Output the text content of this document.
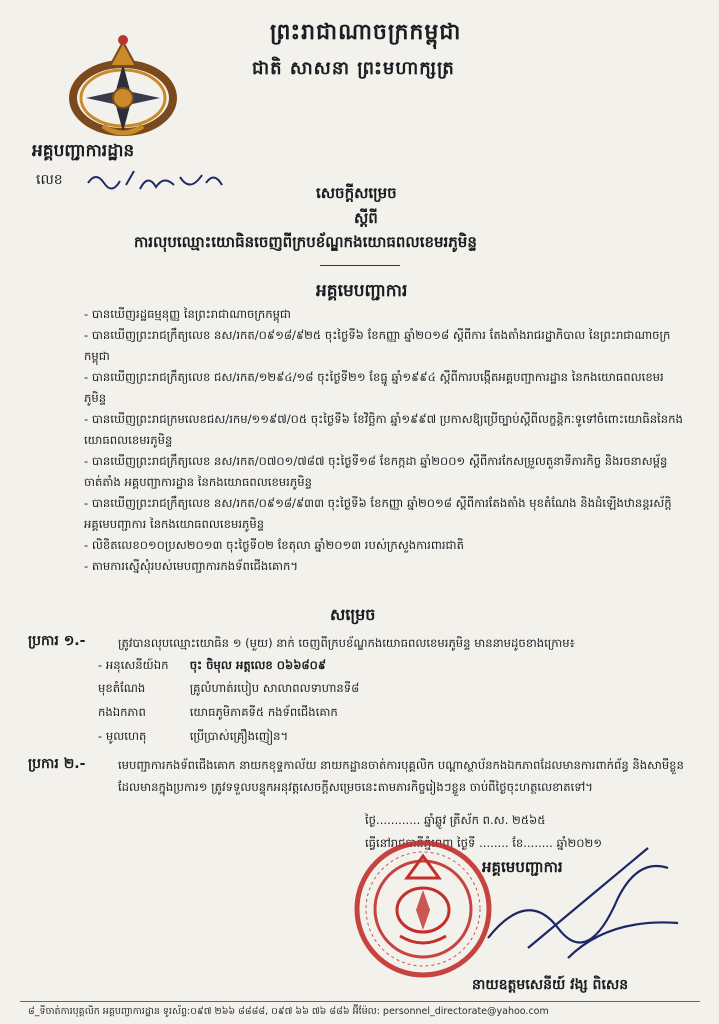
ព្រះរាជាណាចក្រកម្ពុជា
ជាតិ សាសនា ព្រះមហាក្សត្រ
អគ្គបញ្ជាការដ្ឋាន
លេខ
សេចក្តីសម្រេច
ស្តីពី
ការលុបឈ្មោះយោធិនចេញពីក្របខ័ណ្ឌកងយោធពលខេមរភូមិន្ទ
អគ្គមេបញ្ជាការ

- បានឃើញរដ្ឋធម្មនុញ្ញ នៃព្រះរាជាណាចក្រកម្ពុជា

- បានឃើញព្រះរាជក្រឹត្យលេខ នស/រកត/០៩១៨/៩២៥ ចុះថ្ងៃទី៦ ខែកញ្ញា ឆ្នាំ២០១៨ ស្តីពីការ តែងតាំងរាជរដ្ឋាភិបាល នៃព្រះរាជាណាចក្រកម្ពុជា

- បានឃើញព្រះរាជក្រឹត្យលេខ ជស/រកត/១២៩៤/១៨ ចុះថ្ងៃទី២១ ខែធ្នូ ឆ្នាំ១៩៩៤ ស្តីពីការបង្កើតអគ្គបញ្ជាការដ្ឋាន នៃកងយោធពលខេមរភូមិន្ទ

- បានឃើញព្រះរាជក្រមលេខជស/រកម/១១៩៧/០៥ ចុះថ្ងៃទី៦ ខែវិច្ឆិកា ឆ្នាំ១៩៩៧ ប្រកាសឱ្យប្រើច្បាប់ស្តីពីលក្ខន្តិកៈទូទៅចំពោះយោធិននៃកងយោធពលខេមរភូមិន្ទ

- បានឃើញព្រះរាជក្រឹត្យលេខ នស/រកត/០៧០១/៧៨៧ ចុះថ្ងៃទី១៨ ខែកក្កដា ឆ្នាំ២០០១ ស្តីពីការកែសម្រួលតួនាទីភារកិច្ច និងរចនាសម្ព័ន្ធចាត់តាំង អគ្គបញ្ជាការដ្ឋាន នៃកងយោធពលខេមរភូមិន្ទ

- បានឃើញព្រះរាជក្រឹត្យលេខ នស/រកត/០៩១៨/៩៣៣ ចុះថ្ងៃទី៦ ខែកញ្ញា ឆ្នាំ២០១៨ ស្តីពីការតែងតាំង មុខតំណែង និងដំឡើងឋានន្តរស័ក្តិ អគ្គមេបញ្ជាការ នៃកងយោធពលខេមរភូមិន្ទ

- លិខិតលេខ០១០ប្រស២០១៣ ចុះថ្ងៃទី០២ ខែតុលា ឆ្នាំ២០១៣ របស់ក្រសួងការពារជាតិ

- តាមការស្នើសុំរបស់មេបញ្ជាការកងទ័ពជើងគោក។

សម្រេច
ប្រការ ១.-	ត្រូវបានលុបឈ្មោះយោធិន ១ (មួយ) នាក់ ចេញពីក្របខ័ណ្ឌកងយោធពលខេមរភូមិន្ទ មាននាមដូចខាងក្រោម៖
- អនុសេនីយ៍ឯក ចុះ ចិមុល អត្តលេខ ០៦៦៨០៩
មុខតំណែង	គ្រូលំហាត់របៀប សាលាពលទាហានទី៨
កងឯកភាព	យោធភូមិភាគទី៥ កងទ័ពជើងគោក
- មូលហេតុ	ប្រើប្រាស់គ្រឿងញៀន។
ប្រការ ២.-	មេបញ្ជាការកងទ័ពជើងគោក នាយកខុទ្ទកាល័យ នាយកដ្ឋានចាត់ការបុគ្គលិក បណ្តាស្ថាប័នកងឯកភាពដែលមានការពាក់ព័ន្ធ និងសាមីខ្លួនដែលមានក្នុងប្រការ១ ត្រូវទទួលបន្ទុកអនុវត្តសេចក្តីសម្រេចនេះតាមភារកិច្ចរៀងៗខ្លួន ចាប់ពីថ្ងៃចុះហត្ថលេខាតទៅ។
ថ្ងៃ............ ឆ្នាំឆ្លូវ ត្រីស័ក ព.ស. ២៥៦៥
ធ្វើនៅរាជធានីភ្នំពេញ ថ្ងៃទី ........ ខែ........ ឆ្នាំ២០២១
អគ្គមេបញ្ជាការ
នាយឧត្តមសេនីយ៍ វង្ស ពិសេន
៨_ទីចាត់ការបុគ្គលិក អគ្គបញ្ជាការដ្ឋាន ទូរស័ព្ទ:០៩៧ ២៦៦ ៨៨៨៨, ០៩៧ ៦៦ ៧៦ ៨៨៦ អ៊ីម៉ែល: personnel_directorate@yahoo.com
